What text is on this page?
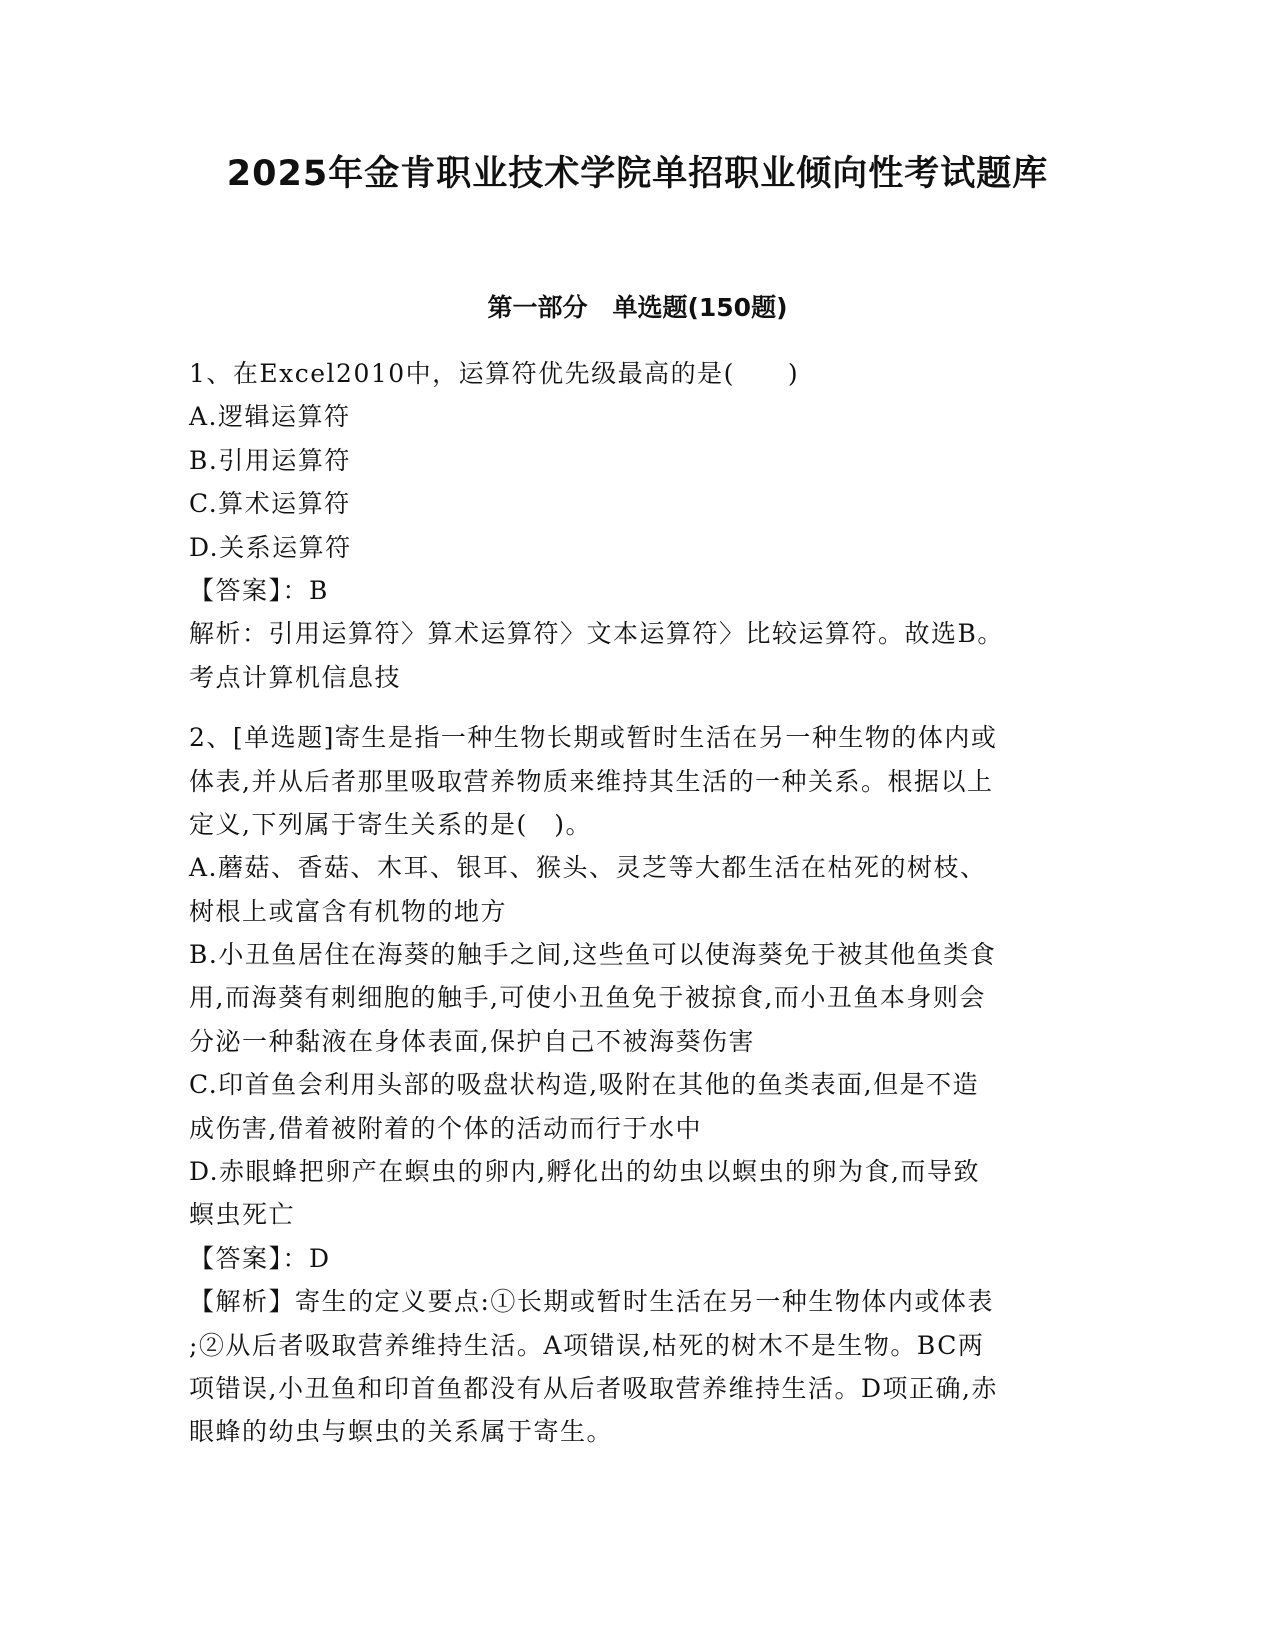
2025年金肯职业技术学院单招职业倾向性考试题库
第一部分　单选题(150题)

1、在Excel2010中，运算符优先级最高的是(　　)

A.逻辑运算符

B.引用运算符

C.算术运算符

D.关系运算符

【答案】：B

解析：引用运算符〉算术运算符〉文本运算符〉比较运算符。故选B。

考点计算机信息技

2、[单选题]寄生是指一种生物长期或暂时生活在另一种生物的体内或

体表,并从后者那里吸取营养物质来维持其生活的一种关系。根据以上

定义,下列属于寄生关系的是(　)。

A.蘑菇、香菇、木耳、银耳、猴头、灵芝等大都生活在枯死的树枝、

树根上或富含有机物的地方

B.小丑鱼居住在海葵的触手之间,这些鱼可以使海葵免于被其他鱼类食

用,而海葵有刺细胞的触手,可使小丑鱼免于被掠食,而小丑鱼本身则会

分泌一种黏液在身体表面,保护自己不被海葵伤害

C.印首鱼会利用头部的吸盘状构造,吸附在其他的鱼类表面,但是不造

成伤害,借着被附着的个体的活动而行于水中

D.赤眼蜂把卵产在螟虫的卵内,孵化出的幼虫以螟虫的卵为食,而导致

螟虫死亡

【答案】：D

【解析】寄生的定义要点:①长期或暂时生活在另一种生物体内或体表

;②从后者吸取营养维持生活。A项错误,枯死的树木不是生物。BC两

项错误,小丑鱼和印首鱼都没有从后者吸取营养维持生活。D项正确,赤

眼蜂的幼虫与螟虫的关系属于寄生。
